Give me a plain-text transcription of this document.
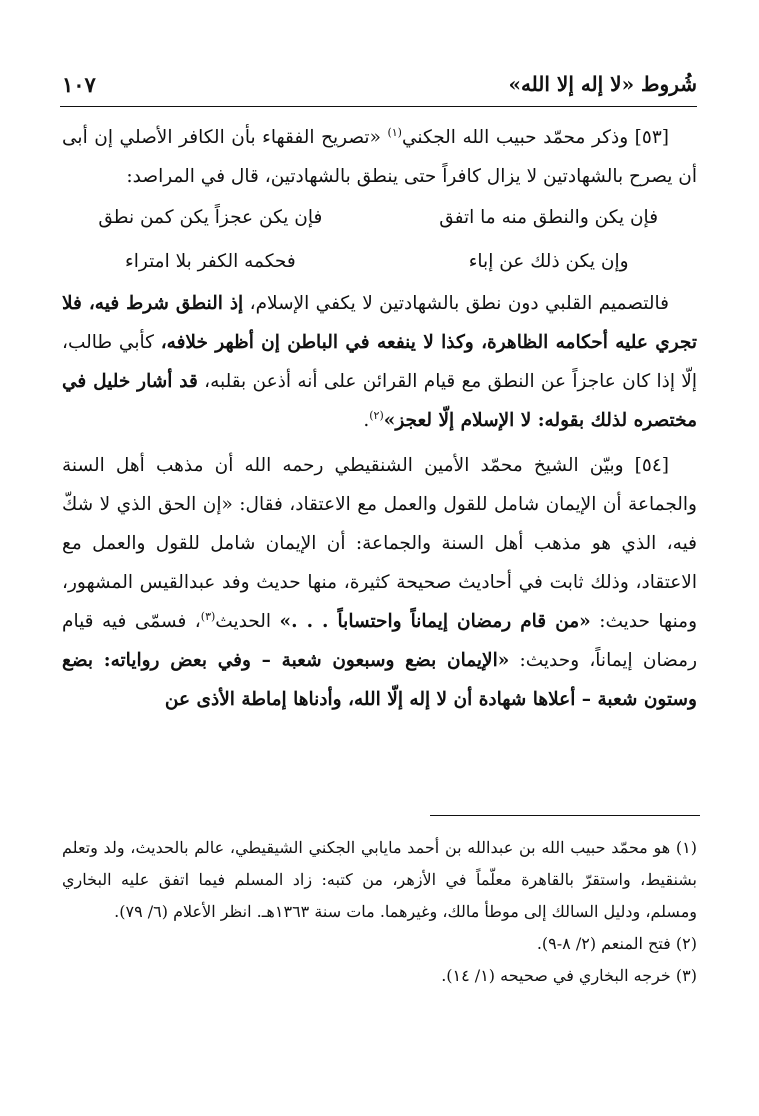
شُروط «لا إله إلا الله»
١٠٧

[٥٣] وذكر محمّد حبيب الله الجكني$^{(١)}$ «تصريح الفقهاء بأن الكافر الأصلي إن أبى أن يصرح بالشهادتين لا يزال كافراً حتى ينطق بالشهادتين، قال في المراصد:

فإن يكن والنطق منه ما اتفق
فإن يكن عجزاً يكن كمن نطق
وإن يكن ذلك عن إباء
فحكمه الكفر بلا امتراء

فالتصميم القلبي دون نطق بالشهادتين لا يكفي الإسلام، إذ النطق شرط فيه، فلا تجري عليه أحكامه الظاهرة، وكذا لا ينفعه في الباطن إن أظهر خلافه، كأبي طالب، إلّا إذا كان عاجزاً عن النطق مع قيام القرائن على أنه أذعن بقلبه، قد أشار خليل في مختصره لذلك بقوله: لا الإسلام إلّا لعجز»$^{(٢)}$.

[٥٤] وبيّن الشيخ محمّد الأمين الشنقيطي رحمه الله أن مذهب أهل السنة والجماعة أن الإيمان شامل للقول والعمل مع الاعتقاد، فقال: «إن الحق الذي لا شكّ فيه، الذي هو مذهب أهل السنة والجماعة: أن الإيمان شامل للقول والعمل مع الاعتقاد، وذلك ثابت في أحاديث صحيحة كثيرة، منها حديث وفد عبدالقيس المشهور، ومنها حديث: «من قام رمضان إيماناً واحتساباً . . .» الحديث$^{(٣)}$، فسمّى فيه قيام رمضان إيماناً، وحديث: «الإيمان بضع وسبعون شعبة – وفي بعض رواياته: بضع وستون شعبة – أعلاها شهادة أن لا إله إلّا الله، وأدناها إماطة الأذى عن

(١) هو محمّد حبيب الله بن عبدالله بن أحمد مايابي الجكني الشيقيطي، عالم بالحديث، ولد وتعلم بشنقيط، واستقرّ بالقاهرة معلّماً في الأزهر، من كتبه: زاد المسلم فيما اتفق عليه البخاري ومسلم، ودليل السالك إلى موطأ مالك، وغيرهما. مات سنة ١٣٦٣هـ. انظر الأعلام (٦/ ٧٩).

(٢) فتح المنعم (٢/ ٨-٩).

(٣) خرجه البخاري في صحيحه (١/ ١٤).
